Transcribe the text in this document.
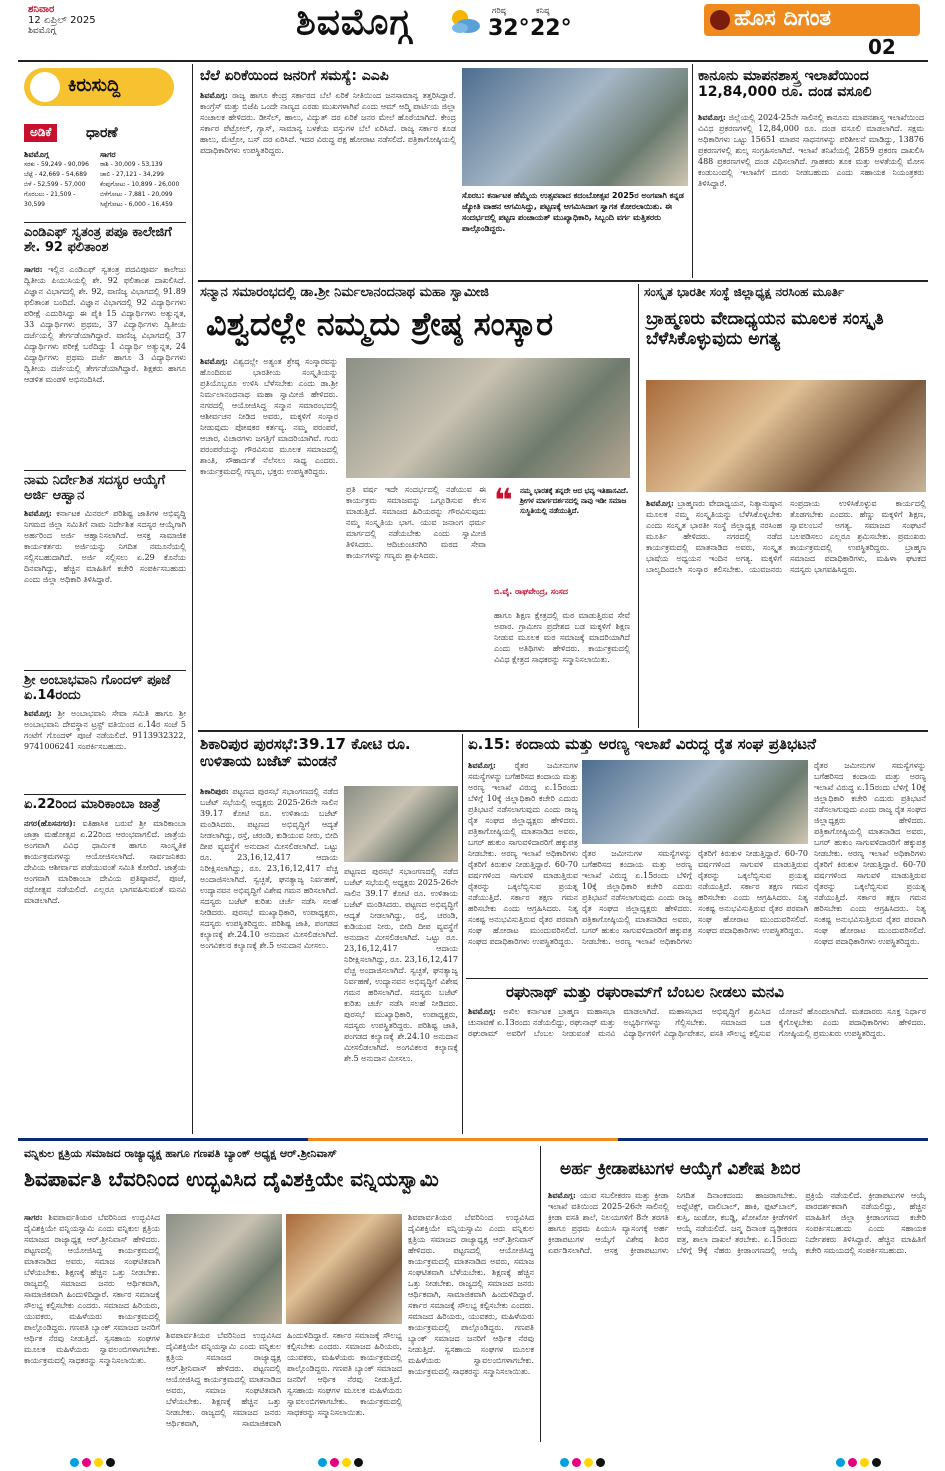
ಶನಿವಾರ
12 ಏಪ್ರಿಲ್ 2025
ಶಿವಮೊಗ್ಗ	ಶಿವಮೊಗ್ಗ	ಗರಿಷ್ಠ
32°
ಕನಿಷ್ಠ
22°	ಹೊಸ ದಿಗಂತ
02
ಕಿರುಸುದ್ದಿ
ಅಡಿಕೆ	ಧಾರಣೆ
ಶಿವಮೊಗ್ಗ
ಸರಕು - 59,249 - 90,096
ಬೆಟ್ಟೆ - 42,669 - 54,689
ಬಿಳೆ - 52,599 - 57,000
ಗೊರಬಲು - 21,509 - 30,599
ಸಾಗರ
ರಾಶಿ - 30,009 - 53,139
ಚಾಲಿ - 27,121 - 34,299
ಕೆಂಪುಗೋಟು - 10,899 - 26,000
ಬಿಳೆಗೋಟು - 7,881 - 20,099
ಸಿಪ್ಪೆಗೋಟು - 6,000 - 16,459
ಎಂಡಿಎಫ್ ಸ್ವತಂತ್ರ ಪಪೂ ಕಾಲೇಜಿಗೆ ಶೇ. 92 ಫಲಿತಾಂಶ
ಸಾಗರ: ಇಲ್ಲಿನ ಎಂಡಿಎಫ್ ಸ್ವತಂತ್ರ ಪದವಿಪೂರ್ವ ಕಾಲೇಜು ದ್ವಿತೀಯ ಪಿಯುಸಿಯಲ್ಲಿ ಶೇ. 92 ಫಲಿತಾಂಶ ದಾಖಲಿಸಿದೆ. ವಿಜ್ಞಾನ ವಿಭಾಗದಲ್ಲಿ ಶೇ. 92, ವಾಣಿಜ್ಯ ವಿಭಾಗದಲ್ಲಿ 91.89 ಫಲಿತಾಂಶ ಬಂದಿದೆ. ವಿಜ್ಞಾನ ವಿಭಾಗದಲ್ಲಿ 92 ವಿದ್ಯಾರ್ಥಿಗಳು ಪರೀಕ್ಷೆ ಎದುರಿಸಿದ್ದು ಈ ಪೈಕಿ 15 ವಿದ್ಯಾರ್ಥಿಗಳು ಅತ್ಯುನ್ನತ, 33 ವಿದ್ಯಾರ್ಥಿಗಳು ಪ್ರಥಮ, 37 ವಿದ್ಯಾರ್ಥಿಗಳು ದ್ವಿತೀಯ ದರ್ಜೆಯಲ್ಲಿ ತೇರ್ಗಡೆಯಾಗಿದ್ದಾರೆ. ವಾಣಿಜ್ಯ ವಿಭಾಗದಲ್ಲಿ 37 ವಿದ್ಯಾರ್ಥಿಗಳು ಪರೀಕ್ಷೆ ಬರೆದಿದ್ದು 1 ವಿದ್ಯಾರ್ಥಿ ಅತ್ಯುನ್ನತ, 24 ವಿದ್ಯಾರ್ಥಿಗಳು ಪ್ರಥಮ ದರ್ಜೆ ಹಾಗೂ 3 ವಿದ್ಯಾರ್ಥಿಗಳು ದ್ವಿತೀಯ ದರ್ಜೆಯಲ್ಲಿ ತೇರ್ಗಡೆಯಾಗಿದ್ದಾರೆ. ಶಿಕ್ಷಕರು ಹಾಗೂ ಆಡಳಿತ ಮಂಡಳಿ ಅಭಿನಂದಿಸಿದೆ.
ನಾಮ ನಿರ್ದೇಶಿತ ಸದಸ್ಯರ ಆಯ್ಕೆಗೆ ಅರ್ಜಿ ಆಹ್ವಾನ
ಶಿವಮೊಗ್ಗ: ಕರ್ನಾಟಕ ಮಿನರಲ್ ಪರಿಶಿಷ್ಟ ಜಾತಿಗಳ ಅಭಿವೃದ್ಧಿ ನಿಗಮದ ಜಿಲ್ಲಾ ಸಮಿತಿಗೆ ನಾಮ ನಿರ್ದೇಶಿತ ಸದಸ್ಯರ ಆಯ್ಕೆಗಾಗಿ ಅರ್ಹರಿಂದ ಅರ್ಜಿ ಆಹ್ವಾನಿಸಲಾಗಿದೆ. ಆಸಕ್ತ ಸಾಮಾಜಿಕ ಕಾರ್ಯಕರ್ತರು ಅರ್ಜಿಯನ್ನು ನಿಗದಿತ ನಮೂನೆಯಲ್ಲಿ ಸಲ್ಲಿಸಬಹುದಾಗಿದೆ. ಅರ್ಜಿ ಸಲ್ಲಿಸಲು ಏ.29 ಕೊನೆಯ ದಿನವಾಗಿದ್ದು, ಹೆಚ್ಚಿನ ಮಾಹಿತಿಗೆ ಕಚೇರಿ ಸಂಪರ್ಕಿಸಬಹುದು ಎಂದು ಜಿಲ್ಲಾ ಅಧಿಕಾರಿ ತಿಳಿಸಿದ್ದಾರೆ.
ಶ್ರೀ ಅಂಬಾಭವಾನಿ ಗೊಂದಳ್ ಪೂಜೆ ಏ.14ರಂದು
ಶಿವಮೊಗ್ಗ: ಶ್ರೀ ಅಂಬಾಭವಾನಿ ಸೇವಾ ಸಮಿತಿ ಹಾಗೂ ಶ್ರೀ ಅಂಬಾಭವಾನಿ ದೇವಸ್ಥಾನ ಟ್ರಸ್ಟ್ ವತಿಯಿಂದ ಏ.14ರ ಸಂಜೆ 5 ಗಂಟೆಗೆ ಗೊಂದಳ್ ಪೂಜೆ ನಡೆಯಲಿದೆ. 9113932322, 9741006241 ಸಂಪರ್ಕಿಸಬಹುದು.
ಏ.22ರಿಂದ ಮಾರಿಕಾಂಬಾ ಜಾತ್ರೆ
ನಗರ(ಹೊಸನಗರ): ಐತಿಹಾಸಿಕ ಬರುವೆ ಶ್ರೀ ಮಾರಿಕಾಂಬಾ ಜಾತ್ರಾ ಮಹೋತ್ಸವ ಏ.22ರಿಂದ ಆರಂಭವಾಗಲಿದೆ. ಜಾತ್ರೆಯ ಅಂಗವಾಗಿ ವಿವಿಧ ಧಾರ್ಮಿಕ ಹಾಗೂ ಸಾಂಸ್ಕೃತಿಕ ಕಾರ್ಯಕ್ರಮಗಳನ್ನು ಆಯೋಜಿಸಲಾಗಿದೆ. ಸಾರ್ವಜನಿಕರು ದೇವಿಯ ಆಶೀರ್ವಾದ ಪಡೆಯುವಂತೆ ಸಮಿತಿ ಕೋರಿದೆ. ಜಾತ್ರೆಯ ಅಂಗವಾಗಿ ಮಾರಿಕಾಂಬಾ ದೇವಿಯ ಪ್ರತಿಷ್ಠಾಪನೆ, ಪೂಜೆ, ರಥೋತ್ಸವ ನಡೆಯಲಿದೆ. ಎಲ್ಲರೂ ಭಾಗವಹಿಸುವಂತೆ ಮನವಿ ಮಾಡಲಾಗಿದೆ.
ಬೆಲೆ ಏರಿಕೆಯಿಂದ ಜನರಿಗೆ ಸಮಸ್ಯೆ: ಎಎಪಿ
ಶಿವಮೊಗ್ಗ: ರಾಜ್ಯ ಹಾಗೂ ಕೇಂದ್ರ ಸರ್ಕಾರದ ಬೆಲೆ ಏರಿಕೆ ನೀತಿಯಿಂದ ಜನಸಾಮಾನ್ಯ ತತ್ತರಿಸಿದ್ದಾರೆ. ಕಾಂಗ್ರೆಸ್ ಮತ್ತು ಬಿಜೆಪಿ ಒಂದೇ ನಾಣ್ಯದ ಎರಡು ಮುಖಗಳಾಗಿವೆ ಎಂದು ಆಮ್ ಆದ್ಮಿ ಪಾರ್ಟಿಯ ಜಿಲ್ಲಾ ಸಂಚಾಲಕ ಹೇಳಿದರು. ಡೀಸೆಲ್, ಹಾಲು, ವಿದ್ಯುತ್ ದರ ಏರಿಕೆ ಜನರ ಮೇಲೆ ಹೊರೆಯಾಗಿದೆ. ಕೇಂದ್ರ ಸರ್ಕಾರ ಪೆಟ್ರೋಲ್, ಗ್ಯಾಸ್, ಸಾಮಾನ್ಯ ಬಳಕೆಯ ವಸ್ತುಗಳ ಬೆಲೆ ಏರಿಸಿದೆ. ರಾಜ್ಯ ಸರ್ಕಾರ ಕೂಡ ಹಾಲು, ಮೆಟ್ರೋ, ಬಸ್ ದರ ಏರಿಸಿದೆ. ಇದರ ವಿರುದ್ಧ ಪಕ್ಷ ಹೋರಾಟ ನಡೆಸಲಿದೆ. ಪತ್ರಿಕಾಗೋಷ್ಠಿಯಲ್ಲಿ ಪದಾಧಿಕಾರಿಗಳು ಉಪಸ್ಥಿತರಿದ್ದರು.
ಸೊರಬ: ಕರ್ನಾಟಕ ಹೆಮ್ಮೆಯ ಉತ್ಸವವಾದ ಕದಂಬೋತ್ಸವ 2025ರ ಅಂಗವಾಗಿ ಕನ್ನಡ ಜ್ಯೋತಿ ವಾಹನ ಆಗಮಿಸಿದ್ದು, ಪಟ್ಟಣಕ್ಕೆ ಆಗಮಿಸಿದಾಗ ಸ್ವಾಗತ ಕೋರಲಾಯಿತು. ಈ ಸಂದರ್ಭದಲ್ಲಿ ಪಟ್ಟಣ ಪಂಚಾಯತ್ ಮುಖ್ಯಾಧಿಕಾರಿ, ಸಿಬ್ಬಂದಿ ವರ್ಗ ಮತ್ತಿತರರು ಪಾಲ್ಗೊಂಡಿದ್ದರು.
ಕಾನೂನು ಮಾಪನಶಾಸ್ತ್ರ ಇಲಾಖೆಯಿಂದ 12,84,000 ರೂ. ದಂಡ ವಸೂಲಿ
ಶಿವಮೊಗ್ಗ: ಜಿಲ್ಲೆಯಲ್ಲಿ 2024-25ನೇ ಸಾಲಿನಲ್ಲಿ ಕಾನೂನು ಮಾಪನಶಾಸ್ತ್ರ ಇಲಾಖೆಯಿಂದ ವಿವಿಧ ಪ್ರಕರಣಗಳಲ್ಲಿ 12,84,000 ರೂ. ದಂಡ ವಸೂಲಿ ಮಾಡಲಾಗಿದೆ. ಸಕ್ಷಮ ಅಧಿಕಾರಿಗಳು ಒಟ್ಟು 15651 ಮಾಪನ ಸಾಧನಗಳನ್ನು ಪರಿಶೀಲನೆ ಮಾಡಿದ್ದು, 13876 ಪ್ರಕರಣಗಳಲ್ಲಿ ಶುಲ್ಕ ಸಂಗ್ರಹಿಸಲಾಗಿದೆ. ಇಲಾಖೆ ತನಿಖೆಯಲ್ಲಿ 2859 ಪ್ರಕರಣ ದಾಖಲಿಸಿ 488 ಪ್ರಕರಣಗಳಲ್ಲಿ ದಂಡ ವಿಧಿಸಲಾಗಿದೆ. ಗ್ರಾಹಕರು ತೂಕ ಮತ್ತು ಅಳತೆಯಲ್ಲಿ ಮೋಸ ಕಂಡುಬಂದಲ್ಲಿ ಇಲಾಖೆಗೆ ದೂರು ನೀಡಬಹುದು ಎಂದು ಸಹಾಯಕ ನಿಯಂತ್ರಕರು ತಿಳಿಸಿದ್ದಾರೆ.
ಸನ್ಮಾನ ಸಮಾರಂಭದಲ್ಲಿ ಡಾ.ಶ್ರೀ ನಿರ್ಮಲಾನಂದನಾಥ ಮಹಾ ಸ್ವಾಮೀಜಿ
ವಿಶ್ವದಲ್ಲೇ ನಮ್ಮದು ಶ್ರೇಷ್ಠ ಸಂಸ್ಕಾರ
ಶಿವಮೊಗ್ಗ: ವಿಶ್ವದಲ್ಲೇ ಅತ್ಯಂತ ಶ್ರೇಷ್ಠ ಸಂಸ್ಕಾರವನ್ನು ಹೊಂದಿರುವ ಭಾರತೀಯ ಸಂಸ್ಕೃತಿಯನ್ನು ಪ್ರತಿಯೊಬ್ಬರೂ ಉಳಿಸಿ ಬೆಳೆಸಬೇಕು ಎಂದು ಡಾ.ಶ್ರೀ ನಿರ್ಮಲಾನಂದನಾಥ ಮಹಾ ಸ್ವಾಮೀಜಿ ಹೇಳಿದರು. ನಗರದಲ್ಲಿ ಆಯೋಜಿಸಿದ್ದ ಸನ್ಮಾನ ಸಮಾರಂಭದಲ್ಲಿ ಆಶೀರ್ವಚನ ನೀಡಿದ ಅವರು, ಮಕ್ಕಳಿಗೆ ಸಂಸ್ಕಾರ ನೀಡುವುದು ಪೋಷಕರ ಕರ್ತವ್ಯ. ನಮ್ಮ ಪರಂಪರೆ, ಆಚಾರ, ವಿಚಾರಗಳು ಜಗತ್ತಿಗೆ ಮಾದರಿಯಾಗಿವೆ. ಗುರು ಪರಂಪರೆಯನ್ನು ಗೌರವಿಸುವ ಮೂಲಕ ಸಮಾಜದಲ್ಲಿ ಶಾಂತಿ, ಸೌಹಾರ್ದತೆ ನೆಲೆಸಲು ಸಾಧ್ಯ ಎಂದರು. ಕಾರ್ಯಕ್ರಮದಲ್ಲಿ ಗಣ್ಯರು, ಭಕ್ತರು ಉಪಸ್ಥಿತರಿದ್ದರು.
ಪ್ರತಿ ವರ್ಷ ಇದೇ ಸಂದರ್ಭದಲ್ಲಿ ನಡೆಯುವ ಈ ಕಾರ್ಯಕ್ರಮ ಸಮಾಜವನ್ನು ಒಗ್ಗೂಡಿಸುವ ಕೆಲಸ ಮಾಡುತ್ತಿದೆ. ಸಮಾಜದ ಹಿರಿಯರನ್ನು ಗೌರವಿಸುವುದು ನಮ್ಮ ಸಂಸ್ಕೃತಿಯ ಭಾಗ. ಯುವ ಜನಾಂಗ ಧರ್ಮ ಮಾರ್ಗದಲ್ಲಿ ನಡೆಯಬೇಕು ಎಂದು ಸ್ವಾಮೀಜಿ ತಿಳಿಸಿದರು. ಆದಿಚುಂಚನಗಿರಿ ಮಠದ ಸೇವಾ ಕಾರ್ಯಗಳನ್ನು ಗಣ್ಯರು ಶ್ಲಾಘಿಸಿದರು.
❝ ನಮ್ಮ ಭಾರತಕ್ಕೆ ತನ್ನದೇ ಆದ ಭವ್ಯ ಇತಿಹಾಸವಿದೆ. ಶ್ರೀಗಳ ಮಾರ್ಗದರ್ಶನದಲ್ಲಿ ನಾವು ಇಡೀ ಸಮಾಜ ಸುಸ್ಥಿತಿಯಲ್ಲಿ ನಡೆಯುತ್ತಿದೆ.
ಬಿ.ವೈ. ರಾಘವೇಂದ್ರ, ಸಂಸದ
ಹಾಗೂ ಶಿಕ್ಷಣ ಕ್ಷೇತ್ರದಲ್ಲಿ ಮಠ ಮಾಡುತ್ತಿರುವ ಸೇವೆ ಅಪಾರ. ಗ್ರಾಮೀಣ ಪ್ರದೇಶದ ಬಡ ಮಕ್ಕಳಿಗೆ ಶಿಕ್ಷಣ ನೀಡುವ ಮೂಲಕ ಮಠ ಸಮಾಜಕ್ಕೆ ಮಾದರಿಯಾಗಿದೆ ಎಂದು ಅತಿಥಿಗಳು ಹೇಳಿದರು. ಕಾರ್ಯಕ್ರಮದಲ್ಲಿ ವಿವಿಧ ಕ್ಷೇತ್ರದ ಸಾಧಕರನ್ನು ಸನ್ಮಾನಿಸಲಾಯಿತು.
ಸಂಸ್ಕೃತ ಭಾರತೀ ಸಂಸ್ಥೆ ಜಿಲ್ಲಾಧ್ಯಕ್ಷ ನರಸಿಂಹ ಮೂರ್ತಿ
ಬ್ರಾಹ್ಮಣರು ವೇದಾಧ್ಯಯನ ಮೂಲಕ ಸಂಸ್ಕೃತಿ ಬೆಳೆಸಿಕೊಳ್ಳುವುದು ಅಗತ್ಯ
ಶಿವಮೊಗ್ಗ: ಬ್ರಾಹ್ಮಣರು ವೇದಾಧ್ಯಯನ, ನಿತ್ಯಾನುಷ್ಠಾನ ಮೂಲಕ ನಮ್ಮ ಸಂಸ್ಕೃತಿಯನ್ನು ಬೆಳೆಸಿಕೊಳ್ಳಬೇಕು ಎಂದು ಸಂಸ್ಕೃತ ಭಾರತೀ ಸಂಸ್ಥೆ ಜಿಲ್ಲಾಧ್ಯಕ್ಷ ನರಸಿಂಹ ಮೂರ್ತಿ ಹೇಳಿದರು. ನಗರದಲ್ಲಿ ನಡೆದ ಕಾರ್ಯಕ್ರಮದಲ್ಲಿ ಮಾತನಾಡಿದ ಅವರು, ಸಂಸ್ಕೃತ ಭಾಷೆಯ ಅಧ್ಯಯನ ಇಂದಿನ ಅಗತ್ಯ. ಮಕ್ಕಳಿಗೆ ಬಾಲ್ಯದಿಂದಲೇ ಸಂಸ್ಕಾರ ಕಲಿಸಬೇಕು. ಯುವಜನರು ಸಂಪ್ರದಾಯ ಉಳಿಸಿಕೊಳ್ಳುವ ಕಾರ್ಯದಲ್ಲಿ ತೊಡಗಬೇಕು ಎಂದರು. ಹೆಣ್ಣು ಮಕ್ಕಳಿಗೆ ಶಿಕ್ಷಣ, ಸ್ವಾವಲಂಬನೆ ಅಗತ್ಯ. ಸಮಾಜದ ಸಂಘಟನೆ ಬಲಪಡಿಸಲು ಎಲ್ಲರೂ ಶ್ರಮಿಸಬೇಕು. ಪ್ರಮುಖರು ಕಾರ್ಯಕ್ರಮದಲ್ಲಿ ಉಪಸ್ಥಿತರಿದ್ದರು. ಬ್ರಾಹ್ಮಣ ಸಮಾಜದ ಪದಾಧಿಕಾರಿಗಳು, ಮಹಿಳಾ ಘಟಕದ ಸದಸ್ಯರು ಭಾಗವಹಿಸಿದ್ದರು.
ಶಿಕಾರಿಪುರ ಪುರಸಭೆ:39.17 ಕೋಟಿ ರೂ. ಉಳಿತಾಯ ಬಜೆಟ್ ಮಂಡನೆ
ಶಿಕಾರಿಪುರ: ಪಟ್ಟಣದ ಪುರಸಭೆ ಸಭಾಂಗಣದಲ್ಲಿ ನಡೆದ ಬಜೆಟ್ ಸಭೆಯಲ್ಲಿ ಅಧ್ಯಕ್ಷರು 2025-26ನೇ ಸಾಲಿನ 39.17 ಕೋಟಿ ರೂ. ಉಳಿತಾಯ ಬಜೆಟ್ ಮಂಡಿಸಿದರು. ಪಟ್ಟಣದ ಅಭಿವೃದ್ಧಿಗೆ ಆದ್ಯತೆ ನೀಡಲಾಗಿದ್ದು, ರಸ್ತೆ, ಚರಂಡಿ, ಕುಡಿಯುವ ನೀರು, ಬೀದಿ ದೀಪ ವ್ಯವಸ್ಥೆಗೆ ಅನುದಾನ ಮೀಸಲಿಡಲಾಗಿದೆ. ಒಟ್ಟು ರೂ. 23,16,12,417 ಆದಾಯ ನಿರೀಕ್ಷಿಸಲಾಗಿದ್ದು, ರೂ. 23,16,12,417 ವೆಚ್ಚ ಅಂದಾಜಿಸಲಾಗಿದೆ. ಸ್ವಚ್ಛತೆ, ಘನತ್ಯಾಜ್ಯ ನಿರ್ವಹಣೆ, ಉದ್ಯಾನವನ ಅಭಿವೃದ್ಧಿಗೆ ವಿಶೇಷ ಗಮನ ಹರಿಸಲಾಗಿದೆ. ಸದಸ್ಯರು ಬಜೆಟ್ ಕುರಿತು ಚರ್ಚೆ ನಡೆಸಿ ಸಲಹೆ ನೀಡಿದರು. ಪುರಸಭೆ ಮುಖ್ಯಾಧಿಕಾರಿ, ಉಪಾಧ್ಯಕ್ಷರು, ಸದಸ್ಯರು ಉಪಸ್ಥಿತರಿದ್ದರು. ಪರಿಶಿಷ್ಟ ಜಾತಿ, ಪಂಗಡದ ಕಲ್ಯಾಣಕ್ಕೆ ಶೇ.24.10 ಅನುದಾನ ಮೀಸಲಿಡಲಾಗಿದೆ. ಅಂಗವಿಕಲರ ಕಲ್ಯಾಣಕ್ಕೆ ಶೇ.5 ಅನುದಾನ ಮೀಸಲು.
ಪಟ್ಟಣದ ಪುರಸಭೆ ಸಭಾಂಗಣದಲ್ಲಿ ನಡೆದ ಬಜೆಟ್ ಸಭೆಯಲ್ಲಿ ಅಧ್ಯಕ್ಷರು 2025-26ನೇ ಸಾಲಿನ 39.17 ಕೋಟಿ ರೂ. ಉಳಿತಾಯ ಬಜೆಟ್ ಮಂಡಿಸಿದರು. ಪಟ್ಟಣದ ಅಭಿವೃದ್ಧಿಗೆ ಆದ್ಯತೆ ನೀಡಲಾಗಿದ್ದು, ರಸ್ತೆ, ಚರಂಡಿ, ಕುಡಿಯುವ ನೀರು, ಬೀದಿ ದೀಪ ವ್ಯವಸ್ಥೆಗೆ ಅನುದಾನ ಮೀಸಲಿಡಲಾಗಿದೆ. ಒಟ್ಟು ರೂ. 23,16,12,417 ಆದಾಯ ನಿರೀಕ್ಷಿಸಲಾಗಿದ್ದು, ರೂ. 23,16,12,417 ವೆಚ್ಚ ಅಂದಾಜಿಸಲಾಗಿದೆ. ಸ್ವಚ್ಛತೆ, ಘನತ್ಯಾಜ್ಯ ನಿರ್ವಹಣೆ, ಉದ್ಯಾನವನ ಅಭಿವೃದ್ಧಿಗೆ ವಿಶೇಷ ಗಮನ ಹರಿಸಲಾಗಿದೆ. ಸದಸ್ಯರು ಬಜೆಟ್ ಕುರಿತು ಚರ್ಚೆ ನಡೆಸಿ ಸಲಹೆ ನೀಡಿದರು. ಪುರಸಭೆ ಮುಖ್ಯಾಧಿಕಾರಿ, ಉಪಾಧ್ಯಕ್ಷರು, ಸದಸ್ಯರು ಉಪಸ್ಥಿತರಿದ್ದರು. ಪರಿಶಿಷ್ಟ ಜಾತಿ, ಪಂಗಡದ ಕಲ್ಯಾಣಕ್ಕೆ ಶೇ.24.10 ಅನುದಾನ ಮೀಸಲಿಡಲಾಗಿದೆ. ಅಂಗವಿಕಲರ ಕಲ್ಯಾಣಕ್ಕೆ ಶೇ.5 ಅನುದಾನ ಮೀಸಲು.
ಏ.15: ಕಂದಾಯ ಮತ್ತು ಅರಣ್ಯ ಇಲಾಖೆ ವಿರುದ್ಧ ರೈತ ಸಂಘ ಪ್ರತಿಭಟನೆ
ಶಿವಮೊಗ್ಗ: ರೈತರ ಜಮೀನುಗಳ ಸಮಸ್ಯೆಗಳನ್ನು ಬಗೆಹರಿಸದ ಕಂದಾಯ ಮತ್ತು ಅರಣ್ಯ ಇಲಾಖೆ ವಿರುದ್ಧ ಏ.15ರಂದು ಬೆಳಿಗ್ಗೆ 10ಕ್ಕೆ ಜಿಲ್ಲಾಧಿಕಾರಿ ಕಚೇರಿ ಎದುರು ಪ್ರತಿಭಟನೆ ನಡೆಸಲಾಗುವುದು ಎಂದು ರಾಜ್ಯ ರೈತ ಸಂಘದ ಜಿಲ್ಲಾಧ್ಯಕ್ಷರು ಹೇಳಿದರು. ಪತ್ರಿಕಾಗೋಷ್ಠಿಯಲ್ಲಿ ಮಾತನಾಡಿದ ಅವರು, ಬಗರ್ ಹುಕುಂ ಸಾಗುವಳಿದಾರರಿಗೆ ಹಕ್ಕುಪತ್ರ ನೀಡಬೇಕು. ಅರಣ್ಯ ಇಲಾಖೆ ಅಧಿಕಾರಿಗಳು ರೈತರಿಗೆ ಕಿರುಕುಳ ನೀಡುತ್ತಿದ್ದಾರೆ. 60-70 ವರ್ಷಗಳಿಂದ ಸಾಗುವಳಿ ಮಾಡುತ್ತಿರುವ ರೈತರನ್ನು ಒಕ್ಕಲೆಬ್ಬಿಸುವ ಪ್ರಯತ್ನ ನಡೆಯುತ್ತಿದೆ. ಸರ್ಕಾರ ತಕ್ಷಣ ಗಮನ ಹರಿಸಬೇಕು ಎಂದು ಆಗ್ರಹಿಸಿದರು. ನಿತ್ಯ ಸಂಕಷ್ಟ ಅನುಭವಿಸುತ್ತಿರುವ ರೈತರ ಪರವಾಗಿ ಸಂಘ ಹೋರಾಟ ಮುಂದುವರಿಸಲಿದೆ. ಸಂಘದ ಪದಾಧಿಕಾರಿಗಳು ಉಪಸ್ಥಿತರಿದ್ದರು.
ರೈತರ ಜಮೀನುಗಳ ಸಮಸ್ಯೆಗಳನ್ನು ಬಗೆಹರಿಸದ ಕಂದಾಯ ಮತ್ತು ಅರಣ್ಯ ಇಲಾಖೆ ವಿರುದ್ಧ ಏ.15ರಂದು ಬೆಳಿಗ್ಗೆ 10ಕ್ಕೆ ಜಿಲ್ಲಾಧಿಕಾರಿ ಕಚೇರಿ ಎದುರು ಪ್ರತಿಭಟನೆ ನಡೆಸಲಾಗುವುದು ಎಂದು ರಾಜ್ಯ ರೈತ ಸಂಘದ ಜಿಲ್ಲಾಧ್ಯಕ್ಷರು ಹೇಳಿದರು. ಪತ್ರಿಕಾಗೋಷ್ಠಿಯಲ್ಲಿ ಮಾತನಾಡಿದ ಅವರು, ಬಗರ್ ಹುಕುಂ ಸಾಗುವಳಿದಾರರಿಗೆ ಹಕ್ಕುಪತ್ರ ನೀಡಬೇಕು. ಅರಣ್ಯ ಇಲಾಖೆ ಅಧಿಕಾರಿಗಳು ರೈತರಿಗೆ ಕಿರುಕುಳ ನೀಡುತ್ತಿದ್ದಾರೆ. 60-70 ವರ್ಷಗಳಿಂದ ಸಾಗುವಳಿ ಮಾಡುತ್ತಿರುವ ರೈತರನ್ನು ಒಕ್ಕಲೆಬ್ಬಿಸುವ ಪ್ರಯತ್ನ ನಡೆಯುತ್ತಿದೆ. ಸರ್ಕಾರ ತಕ್ಷಣ ಗಮನ ಹರಿಸಬೇಕು ಎಂದು ಆಗ್ರಹಿಸಿದರು. ನಿತ್ಯ ಸಂಕಷ್ಟ ಅನುಭವಿಸುತ್ತಿರುವ ರೈತರ ಪರವಾಗಿ ಸಂಘ ಹೋರಾಟ ಮುಂದುವರಿಸಲಿದೆ. ಸಂಘದ ಪದಾಧಿಕಾರಿಗಳು ಉಪಸ್ಥಿತರಿದ್ದರು.
ರೈತರ ಜಮೀನುಗಳ ಸಮಸ್ಯೆಗಳನ್ನು ಬಗೆಹರಿಸದ ಕಂದಾಯ ಮತ್ತು ಅರಣ್ಯ ಇಲಾಖೆ ವಿರುದ್ಧ ಏ.15ರಂದು ಬೆಳಿಗ್ಗೆ 10ಕ್ಕೆ ಜಿಲ್ಲಾಧಿಕಾರಿ ಕಚೇರಿ ಎದುರು ಪ್ರತಿಭಟನೆ ನಡೆಸಲಾಗುವುದು ಎಂದು ರಾಜ್ಯ ರೈತ ಸಂಘದ ಜಿಲ್ಲಾಧ್ಯಕ್ಷರು ಹೇಳಿದರು. ಪತ್ರಿಕಾಗೋಷ್ಠಿಯಲ್ಲಿ ಮಾತನಾಡಿದ ಅವರು, ಬಗರ್ ಹುಕುಂ ಸಾಗುವಳಿದಾರರಿಗೆ ಹಕ್ಕುಪತ್ರ ನೀಡಬೇಕು. ಅರಣ್ಯ ಇಲಾಖೆ ಅಧಿಕಾರಿಗಳು ರೈತರಿಗೆ ಕಿರುಕುಳ ನೀಡುತ್ತಿದ್ದಾರೆ. 60-70 ವರ್ಷಗಳಿಂದ ಸಾಗುವಳಿ ಮಾಡುತ್ತಿರುವ ರೈತರನ್ನು ಒಕ್ಕಲೆಬ್ಬಿಸುವ ಪ್ರಯತ್ನ ನಡೆಯುತ್ತಿದೆ. ಸರ್ಕಾರ ತಕ್ಷಣ ಗಮನ ಹರಿಸಬೇಕು ಎಂದು ಆಗ್ರಹಿಸಿದರು. ನಿತ್ಯ ಸಂಕಷ್ಟ ಅನುಭವಿಸುತ್ತಿರುವ ರೈತರ ಪರವಾಗಿ ಸಂಘ ಹೋರಾಟ ಮುಂದುವರಿಸಲಿದೆ. ಸಂಘದ ಪದಾಧಿಕಾರಿಗಳು ಉಪಸ್ಥಿತರಿದ್ದರು.
ರಘುನಾಥ್ ಮತ್ತು ರಘುರಾಮ್‌ಗೆ ಬೆಂಬಲ ನೀಡಲು ಮನವಿ
ಶಿವಮೊಗ್ಗ: ಅಖಿಲ ಕರ್ನಾಟಕ ಬ್ರಾಹ್ಮಣ ಮಹಾಸಭಾ ಚುನಾವಣೆ ಏ.13ರಂದು ನಡೆಯಲಿದ್ದು, ರಘುನಾಥ್ ಮತ್ತು ರಘುರಾಮ್ ಅವರಿಗೆ ಬೆಂಬಲ ನೀಡುವಂತೆ ಮನವಿ ಮಾಡಲಾಗಿದೆ. ಮಹಾಸಭಾದ ಅಭಿವೃದ್ಧಿಗೆ ಶ್ರಮಿಸಿದ ಅಭ್ಯರ್ಥಿಗಳನ್ನು ಗೆಲ್ಲಿಸಬೇಕು. ಸಮಾಜದ ಬಡ ವಿದ್ಯಾರ್ಥಿಗಳಿಗೆ ವಿದ್ಯಾರ್ಥಿವೇತನ, ವಸತಿ ಸೌಲಭ್ಯ ಕಲ್ಪಿಸುವ ಯೋಜನೆ ಹೊಂದಲಾಗಿದೆ. ಮತದಾರರು ಸೂಕ್ತ ನಿರ್ಧಾರ ಕೈಗೊಳ್ಳಬೇಕು ಎಂದು ಪದಾಧಿಕಾರಿಗಳು ಹೇಳಿದರು. ಗೋಷ್ಠಿಯಲ್ಲಿ ಪ್ರಮುಖರು ಉಪಸ್ಥಿತರಿದ್ದರು.
ವನ್ನಿಕುಲ ಕ್ಷತ್ರಿಯ ಸಮಾಜದ ರಾಜ್ಯಾಧ್ಯಕ್ಷ ಹಾಗೂ ಗಣಪತಿ ಬ್ಯಾಂಕ್ ಅಧ್ಯಕ್ಷ ಆರ್.ಶ್ರೀನಿವಾಸ್
ಶಿವಪಾರ್ವತಿ ಬೆವರಿನಿಂದ ಉದ್ಭವಿಸಿದ ದೈವಿಶಕ್ತಿಯೇ ವನ್ನಿಯಸ್ವಾಮಿ
ಸಾಗರ: ಶಿವಪಾರ್ವತಿಯರ ಬೆವರಿನಿಂದ ಉದ್ಭವಿಸಿದ ದೈವಿಶಕ್ತಿಯೇ ವನ್ನಿಯಸ್ವಾಮಿ ಎಂದು ವನ್ನಿಕುಲ ಕ್ಷತ್ರಿಯ ಸಮಾಜದ ರಾಜ್ಯಾಧ್ಯಕ್ಷ ಆರ್.ಶ್ರೀನಿವಾಸ್ ಹೇಳಿದರು. ಪಟ್ಟಣದಲ್ಲಿ ಆಯೋಜಿಸಿದ್ದ ಕಾರ್ಯಕ್ರಮದಲ್ಲಿ ಮಾತನಾಡಿದ ಅವರು, ಸಮಾಜ ಸಂಘಟಿತವಾಗಿ ಬೆಳೆಯಬೇಕು. ಶಿಕ್ಷಣಕ್ಕೆ ಹೆಚ್ಚಿನ ಒತ್ತು ನೀಡಬೇಕು. ರಾಜ್ಯದಲ್ಲಿ ಸಮಾಜದ ಜನರು ಆರ್ಥಿಕವಾಗಿ, ಸಾಮಾಜಿಕವಾಗಿ ಹಿಂದುಳಿದಿದ್ದಾರೆ. ಸರ್ಕಾರ ಸಮಾಜಕ್ಕೆ ಸೌಲಭ್ಯ ಕಲ್ಪಿಸಬೇಕು ಎಂದರು. ಸಮಾಜದ ಹಿರಿಯರು, ಯುವಕರು, ಮಹಿಳೆಯರು ಕಾರ್ಯಕ್ರಮದಲ್ಲಿ ಪಾಲ್ಗೊಂಡಿದ್ದರು. ಗಣಪತಿ ಬ್ಯಾಂಕ್ ಸಮಾಜದ ಜನರಿಗೆ ಆರ್ಥಿಕ ನೆರವು ನೀಡುತ್ತಿದೆ. ಸ್ವಸಹಾಯ ಸಂಘಗಳ ಮೂಲಕ ಮಹಿಳೆಯರು ಸ್ವಾವಲಂಬಿಗಳಾಗಬೇಕು. ಕಾರ್ಯಕ್ರಮದಲ್ಲಿ ಸಾಧಕರನ್ನು ಸನ್ಮಾನಿಸಲಾಯಿತು.
ಶಿವಪಾರ್ವತಿಯರ ಬೆವರಿನಿಂದ ಉದ್ಭವಿಸಿದ ದೈವಿಶಕ್ತಿಯೇ ವನ್ನಿಯಸ್ವಾಮಿ ಎಂದು ವನ್ನಿಕುಲ ಕ್ಷತ್ರಿಯ ಸಮಾಜದ ರಾಜ್ಯಾಧ್ಯಕ್ಷ ಆರ್.ಶ್ರೀನಿವಾಸ್ ಹೇಳಿದರು. ಪಟ್ಟಣದಲ್ಲಿ ಆಯೋಜಿಸಿದ್ದ ಕಾರ್ಯಕ್ರಮದಲ್ಲಿ ಮಾತನಾಡಿದ ಅವರು, ಸಮಾಜ ಸಂಘಟಿತವಾಗಿ ಬೆಳೆಯಬೇಕು. ಶಿಕ್ಷಣಕ್ಕೆ ಹೆಚ್ಚಿನ ಒತ್ತು ನೀಡಬೇಕು. ರಾಜ್ಯದಲ್ಲಿ ಸಮಾಜದ ಜನರು ಆರ್ಥಿಕವಾಗಿ, ಸಾಮಾಜಿಕವಾಗಿ ಹಿಂದುಳಿದಿದ್ದಾರೆ. ಸರ್ಕಾರ ಸಮಾಜಕ್ಕೆ ಸೌಲಭ್ಯ ಕಲ್ಪಿಸಬೇಕು ಎಂದರು. ಸಮಾಜದ ಹಿರಿಯರು, ಯುವಕರು, ಮಹಿಳೆಯರು ಕಾರ್ಯಕ್ರಮದಲ್ಲಿ ಪಾಲ್ಗೊಂಡಿದ್ದರು. ಗಣಪತಿ ಬ್ಯಾಂಕ್ ಸಮಾಜದ ಜನರಿಗೆ ಆರ್ಥಿಕ ನೆರವು ನೀಡುತ್ತಿದೆ. ಸ್ವಸಹಾಯ ಸಂಘಗಳ ಮೂಲಕ ಮಹಿಳೆಯರು ಸ್ವಾವಲಂಬಿಗಳಾಗಬೇಕು. ಕಾರ್ಯಕ್ರಮದಲ್ಲಿ ಸಾಧಕರನ್ನು ಸನ್ಮಾನಿಸಲಾಯಿತು.
ಶಿವಪಾರ್ವತಿಯರ ಬೆವರಿನಿಂದ ಉದ್ಭವಿಸಿದ ದೈವಿಶಕ್ತಿಯೇ ವನ್ನಿಯಸ್ವಾಮಿ ಎಂದು ವನ್ನಿಕುಲ ಕ್ಷತ್ರಿಯ ಸಮಾಜದ ರಾಜ್ಯಾಧ್ಯಕ್ಷ ಆರ್.ಶ್ರೀನಿವಾಸ್ ಹೇಳಿದರು. ಪಟ್ಟಣದಲ್ಲಿ ಆಯೋಜಿಸಿದ್ದ ಕಾರ್ಯಕ್ರಮದಲ್ಲಿ ಮಾತನಾಡಿದ ಅವರು, ಸಮಾಜ ಸಂಘಟಿತವಾಗಿ ಬೆಳೆಯಬೇಕು. ಶಿಕ್ಷಣಕ್ಕೆ ಹೆಚ್ಚಿನ ಒತ್ತು ನೀಡಬೇಕು. ರಾಜ್ಯದಲ್ಲಿ ಸಮಾಜದ ಜನರು ಆರ್ಥಿಕವಾಗಿ, ಸಾಮಾಜಿಕವಾಗಿ ಹಿಂದುಳಿದಿದ್ದಾರೆ. ಸರ್ಕಾರ ಸಮಾಜಕ್ಕೆ ಸೌಲಭ್ಯ ಕಲ್ಪಿಸಬೇಕು ಎಂದರು. ಸಮಾಜದ ಹಿರಿಯರು, ಯುವಕರು, ಮಹಿಳೆಯರು ಕಾರ್ಯಕ್ರಮದಲ್ಲಿ ಪಾಲ್ಗೊಂಡಿದ್ದರು. ಗಣಪತಿ ಬ್ಯಾಂಕ್ ಸಮಾಜದ ಜನರಿಗೆ ಆರ್ಥಿಕ ನೆರವು ನೀಡುತ್ತಿದೆ. ಸ್ವಸಹಾಯ ಸಂಘಗಳ ಮೂಲಕ ಮಹಿಳೆಯರು ಸ್ವಾವಲಂಬಿಗಳಾಗಬೇಕು. ಕಾರ್ಯಕ್ರಮದಲ್ಲಿ ಸಾಧಕರನ್ನು ಸನ್ಮಾನಿಸಲಾಯಿತು.
ಅರ್ಹ ಕ್ರೀಡಾಪಟುಗಳ ಆಯ್ಕೆಗೆ ವಿಶೇಷ ಶಿಬಿರ
ಶಿವಮೊಗ್ಗ: ಯುವ ಸಬಲೀಕರಣ ಮತ್ತು ಕ್ರೀಡಾ ಇಲಾಖೆ ವತಿಯಿಂದ 2025-26ನೇ ಸಾಲಿನಲ್ಲಿ ಕ್ರೀಡಾ ವಸತಿ ಶಾಲೆ, ನಿಲಯಗಳಿಗೆ 8ನೇ ತರಗತಿ ಹಾಗೂ ಪ್ರಥಮ ಪಿಯುಸಿ ವ್ಯಾಸಂಗಕ್ಕೆ ಅರ್ಹ ಕ್ರೀಡಾಪಟುಗಳ ಆಯ್ಕೆಗೆ ವಿಶೇಷ ಶಿಬಿರ ಏರ್ಪಡಿಸಲಾಗಿದೆ. ಆಸಕ್ತ ಕ್ರೀಡಾಪಟುಗಳು ನಿಗದಿತ ದಿನಾಂಕದಂದು ಹಾಜರಾಗಬೇಕು. ಅಥ್ಲೆಟಿಕ್ಸ್, ವಾಲಿಬಾಲ್, ಹಾಕಿ, ಫುಟ್‌ಬಾಲ್, ಕುಸ್ತಿ, ಜುಡೋ, ಕಬಡ್ಡಿ, ಖೋಖೋ ಕ್ರೀಡೆಗಳಿಗೆ ಆಯ್ಕೆ ನಡೆಯಲಿದೆ. ಜನ್ಮ ದಿನಾಂಕ ದೃಢೀಕರಣ ಪತ್ರ, ಶಾಲಾ ದಾಖಲೆ ತರಬೇಕು. ಏ.15ರಂದು ಬೆಳಿಗ್ಗೆ 9ಕ್ಕೆ ನೆಹರು ಕ್ರೀಡಾಂಗಣದಲ್ಲಿ ಆಯ್ಕೆ ಪ್ರಕ್ರಿಯೆ ನಡೆಯಲಿದೆ. ಕ್ರೀಡಾಪಟುಗಳ ಆಯ್ಕೆ ಪಾರದರ್ಶಕವಾಗಿ ನಡೆಯಲಿದ್ದು, ಹೆಚ್ಚಿನ ಮಾಹಿತಿಗೆ ಜಿಲ್ಲಾ ಕ್ರೀಡಾಂಗಣದ ಕಚೇರಿ ಸಂಪರ್ಕಿಸಬಹುದು ಎಂದು ಸಹಾಯಕ ನಿರ್ದೇಶಕರು ತಿಳಿಸಿದ್ದಾರೆ. ಹೆಚ್ಚಿನ ಮಾಹಿತಿಗೆ ಕಚೇರಿ ಸಮಯದಲ್ಲಿ ಸಂಪರ್ಕಿಸಬಹುದು.
